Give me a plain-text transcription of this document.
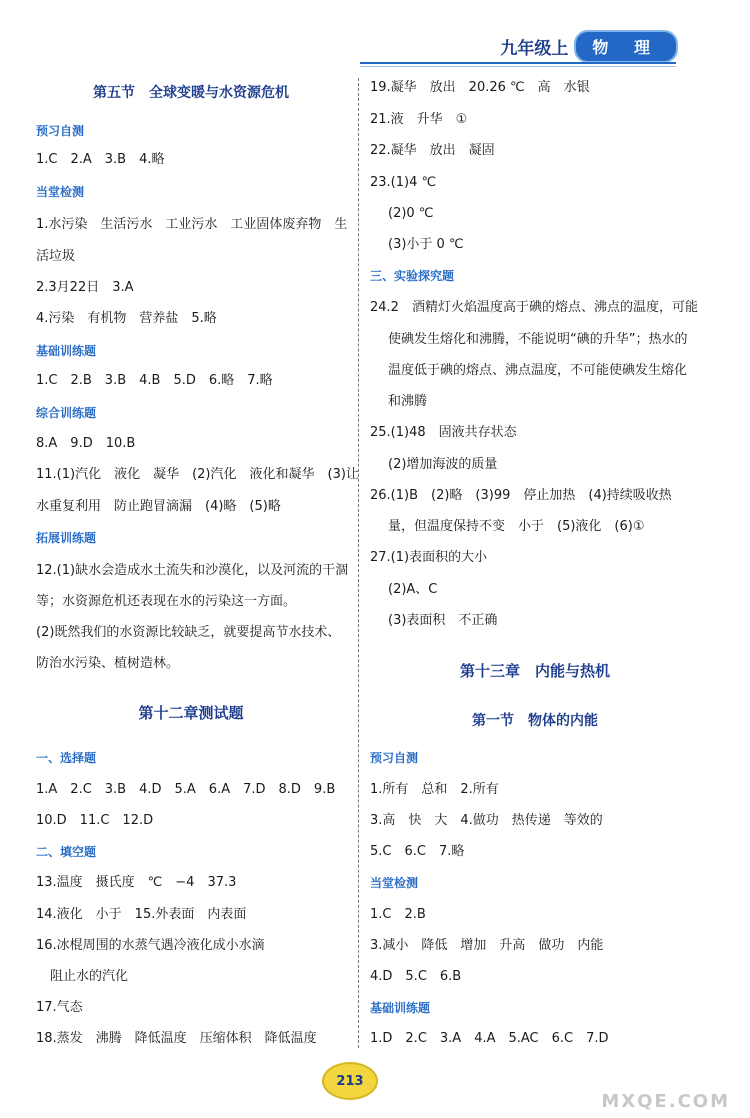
九年级上	物 理
第五节　全球变暖与水资源危机
预习自测
1.C　2.A　3.B　4.略
当堂检测
1.水污染　生活污水　工业污水　工业固体废弃物　生
活垃圾
2.3月22日　3.A
4.污染　有机物　营养盐　5.略
基础训练题
1.C　2.B　3.B　4.B　5.D　6.略　7.略
综合训练题
8.A　9.D　10.B
11.(1)汽化　液化　凝华　(2)汽化　液化和凝华　(3)让
水重复利用　防止跑冒滴漏　(4)略　(5)略
拓展训练题
12.(1)缺水会造成水土流失和沙漠化，以及河流的干涸
等；水资源危机还表现在水的污染这一方面。
(2)既然我们的水资源比较缺乏，就要提高节水技术、
防治水污染、植树造林。
第十二章测试题
一、选择题
1.A　2.C　3.B　4.D　5.A　6.A　7.D　8.D　9.B
10.D　11.C　12.D
二、填空题
13.温度　摄氏度　℃　−4　37.3
14.液化　小于　15.外表面　内表面
16.冰棍周围的水蒸气遇冷液化成小水滴
阻止水的汽化
17.气态
18.蒸发　沸腾　降低温度　压缩体积　降低温度
19.凝华　放出　20.26 ℃　高　水银
21.液　升华　①
22.凝华　放出　凝固
23.(1)4 ℃
(2)0 ℃
(3)小于 0 ℃
三、实验探究题
24.2　酒精灯火焰温度高于碘的熔点、沸点的温度，可能
使碘发生熔化和沸腾，不能说明“碘的升华”；热水的
温度低于碘的熔点、沸点温度，不可能使碘发生熔化
和沸腾
25.(1)48　固液共存状态
(2)增加海波的质量
26.(1)B　(2)略　(3)99　停止加热　(4)持续吸收热
量，但温度保持不变　小于　(5)液化　(6)①
27.(1)表面积的大小
(2)A、C
(3)表面积　不正确
第十三章　内能与热机
第一节　物体的内能
预习自测
1.所有　总和　2.所有
3.高　快　大　4.做功　热传递　等效的
5.C　6.C　7.略
当堂检测
1.C　2.B
3.减小　降低　增加　升高　做功　内能
4.D　5.C　6.B
基础训练题
1.D　2.C　3.A　4.A　5.AC　6.C　7.D
213
MXQE.COM
